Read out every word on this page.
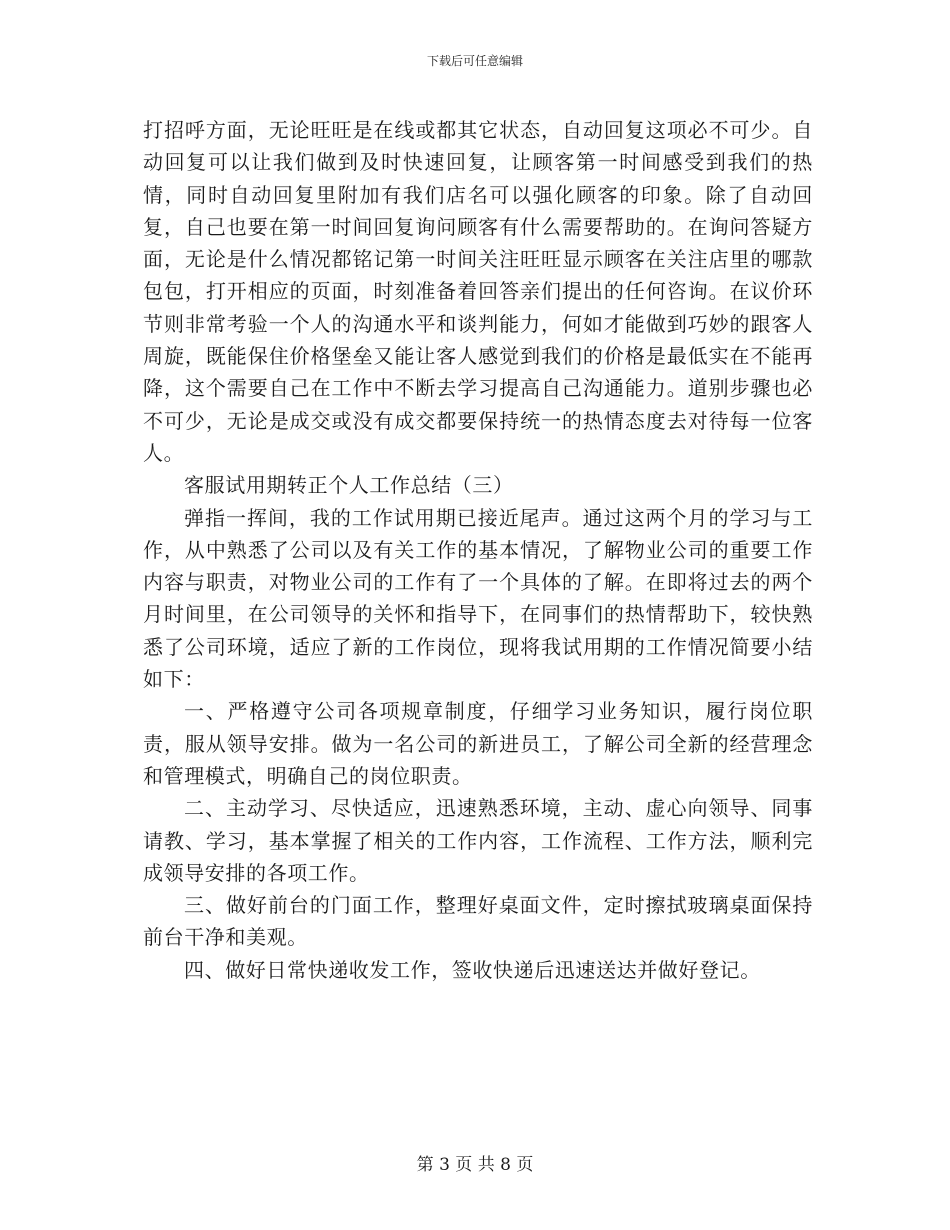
下载后可任意编辑

打招呼方面，无论旺旺是在线或都其它状态，自动回复这项必不可少。自动回复可以让我们做到及时快速回复，让顾客第一时间感受到我们的热情，同时自动回复里附加有我们店名可以强化顾客的印象。除了自动回复，自己也要在第一时间回复询问顾客有什么需要帮助的。在询问答疑方面，无论是什么情况都铭记第一时间关注旺旺显示顾客在关注店里的哪款包包，打开相应的页面，时刻准备着回答亲们提出的任何咨询。在议价环节则非常考验一个人的沟通水平和谈判能力，何如才能做到巧妙的跟客人周旋，既能保住价格堡垒又能让客人感觉到我们的价格是最低实在不能再降，这个需要自己在工作中不断去学习提高自己沟通能力。道别步骤也必不可少，无论是成交或没有成交都要保持统一的热情态度去对待每一位客人。

客服试用期转正个人工作总结（三）

弹指一挥间，我的工作试用期已接近尾声。通过这两个月的学习与工作，从中熟悉了公司以及有关工作的基本情况，了解物业公司的重要工作内容与职责，对物业公司的工作有了一个具体的了解。在即将过去的两个月时间里，在公司领导的关怀和指导下，在同事们的热情帮助下，较快熟悉了公司环境，适应了新的工作岗位，现将我试用期的工作情况简要小结如下：

一、严格遵守公司各项规章制度，仔细学习业务知识，履行岗位职责，服从领导安排。做为一名公司的新进员工，了解公司全新的经营理念和管理模式，明确自己的岗位职责。

二、主动学习、尽快适应，迅速熟悉环境，主动、虚心向领导、同事请教、学习，基本掌握了相关的工作内容，工作流程、工作方法，顺利完成领导安排的各项工作。

三、做好前台的门面工作，整理好桌面文件，定时擦拭玻璃桌面保持前台干净和美观。

四、做好日常快递收发工作，签收快递后迅速送达并做好登记。

第 3 页 共 8 页
